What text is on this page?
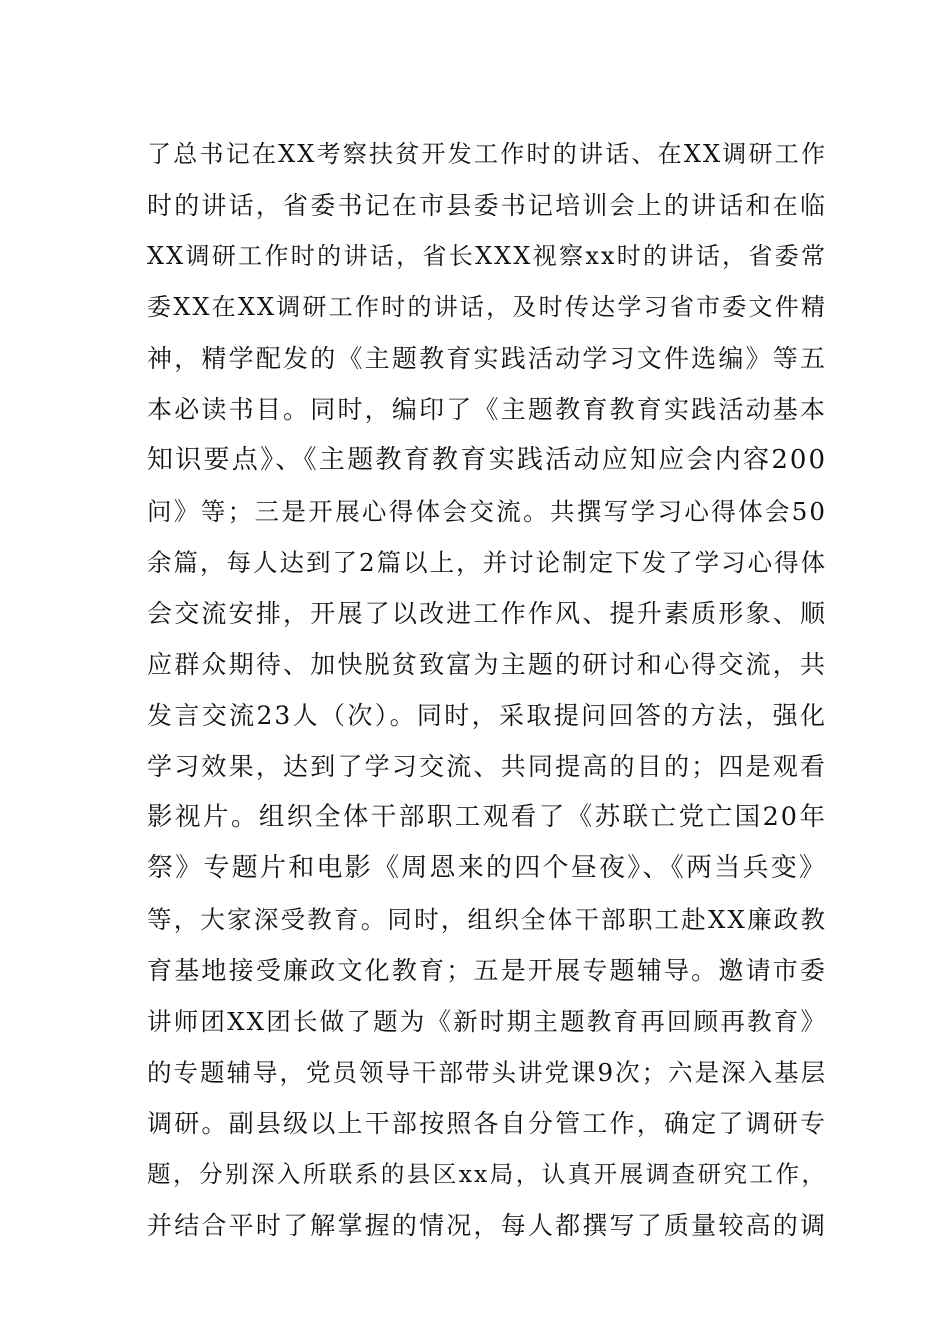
了总书记在XX考察扶贫开发工作时的讲话、在XX调研工作
时的讲话，省委书记在市县委书记培训会上的讲话和在临
XX调研工作时的讲话，省长XXX视察xx时的讲话，省委常
委XX在XX调研工作时的讲话，及时传达学习省市委文件精
神，精学配发的《主题教育实践活动学习文件选编》等五
本必读书目。同时，编印了《主题教育教育实践活动基本
知识要点》、《主题教育教育实践活动应知应会内容200
问》等；三是开展心得体会交流。共撰写学习心得体会50
余篇，每人达到了2篇以上，并讨论制定下发了学习心得体
会交流安排，开展了以改进工作作风、提升素质形象、顺
应群众期待、加快脱贫致富为主题的研讨和心得交流，共
发言交流23人（次）。同时，采取提问回答的方法，强化
学习效果，达到了学习交流、共同提高的目的；四是观看
影视片。组织全体干部职工观看了《苏联亡党亡国20年
祭》专题片和电影《周恩来的四个昼夜》、《两当兵变》
等，大家深受教育。同时，组织全体干部职工赴XX廉政教
育基地接受廉政文化教育；五是开展专题辅导。邀请市委
讲师团XX团长做了题为《新时期主题教育再回顾再教育》
的专题辅导，党员领导干部带头讲党课9次；六是深入基层
调研。副县级以上干部按照各自分管工作，确定了调研专
题，分别深入所联系的县区xx局，认真开展调查研究工作，
并结合平时了解掌握的情况，每人都撰写了质量较高的调
